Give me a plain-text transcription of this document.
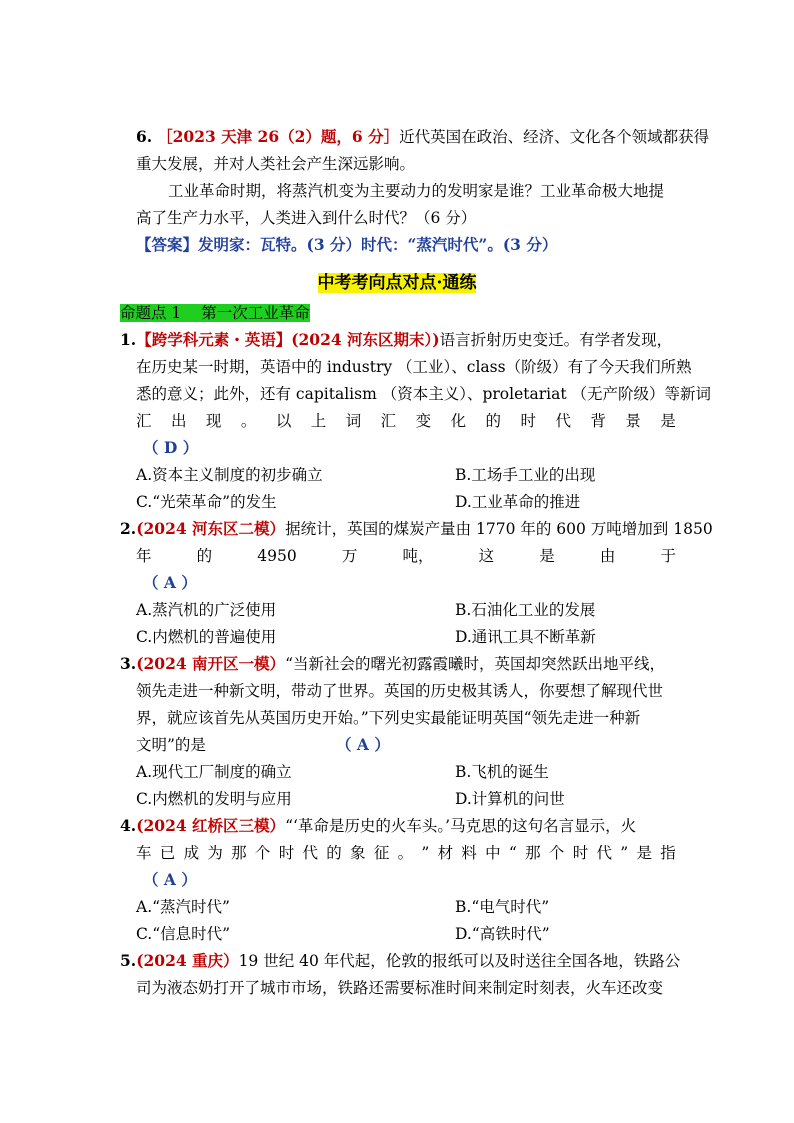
6. ［2023 天津 26（2）题，6 分］近代英国在政治、经济、文化各个领域都获得
重大发展，并对人类社会产生深远影响。
工业革命时期，将蒸汽机变为主要动力的发明家是谁？工业革命极大地提
高了生产力水平，人类进入到什么时代？（6 分）
【答案】发明家：瓦特。(3 分）时代：“蒸汽时代”。(3 分）
中考考向点对点·通练
命题点 1 第一次工业革命
1.【跨学科元素・英语】(2024 河东区期末）)语言折射历史变迁。有学者发现，
在历史某一时期，英语中的 industry （工业）、class（阶级）有了今天我们所熟
悉的意义；此外，还有 capitalism （资本主义）、proletariat （无产阶级）等新词
汇 出 现 。 以 上 词 汇 变 化 的 时 代 背 景 是
（ D ）
A.资本主义制度的初步确立	B.工场手工业的出现
C.“光荣革命”的发生	D.工业革命的推进
2.(2024 河东区二模）据统计，英国的煤炭产量由 1770 年的 600 万吨增加到 1850
年	的	4950	万	吨，	这	是	由	于
（ A ）
A.蒸汽机的广泛使用	B.石油化工业的发展
C.内燃机的普遍使用	D.通讯工具不断革新
3.(2024 南开区一模）“当新社会的曙光初露霞曦时，英国却突然跃出地平线，
领先走进一种新文明，带动了世界。英国的历史极其诱人，你要想了解现代世
界，就应该首先从英国历史开始。”下列史实最能证明英国“领先走进一种新
文明”的是	（ A ）
A.现代工厂制度的确立	B.飞机的诞生
C.内燃机的发明与应用	D.计算机的问世
4.(2024 红桥区三模）“‘革命是历史的火车头。’马克思的这句名言显示，火
车 已 成 为 那 个 时 代 的 象 征 。 ” 材 料 中 “ 那 个 时 代 ” 是 指
（ A ）
A.“蒸汽时代”	B.“电气时代”
C.“信息时代”	D.“高铁时代”
5.(2024 重庆）19 世纪 40 年代起，伦敦的报纸可以及时送往全国各地，铁路公
司为液态奶打开了城市市场，铁路还需要标准时间来制定时刻表，火车还改变
